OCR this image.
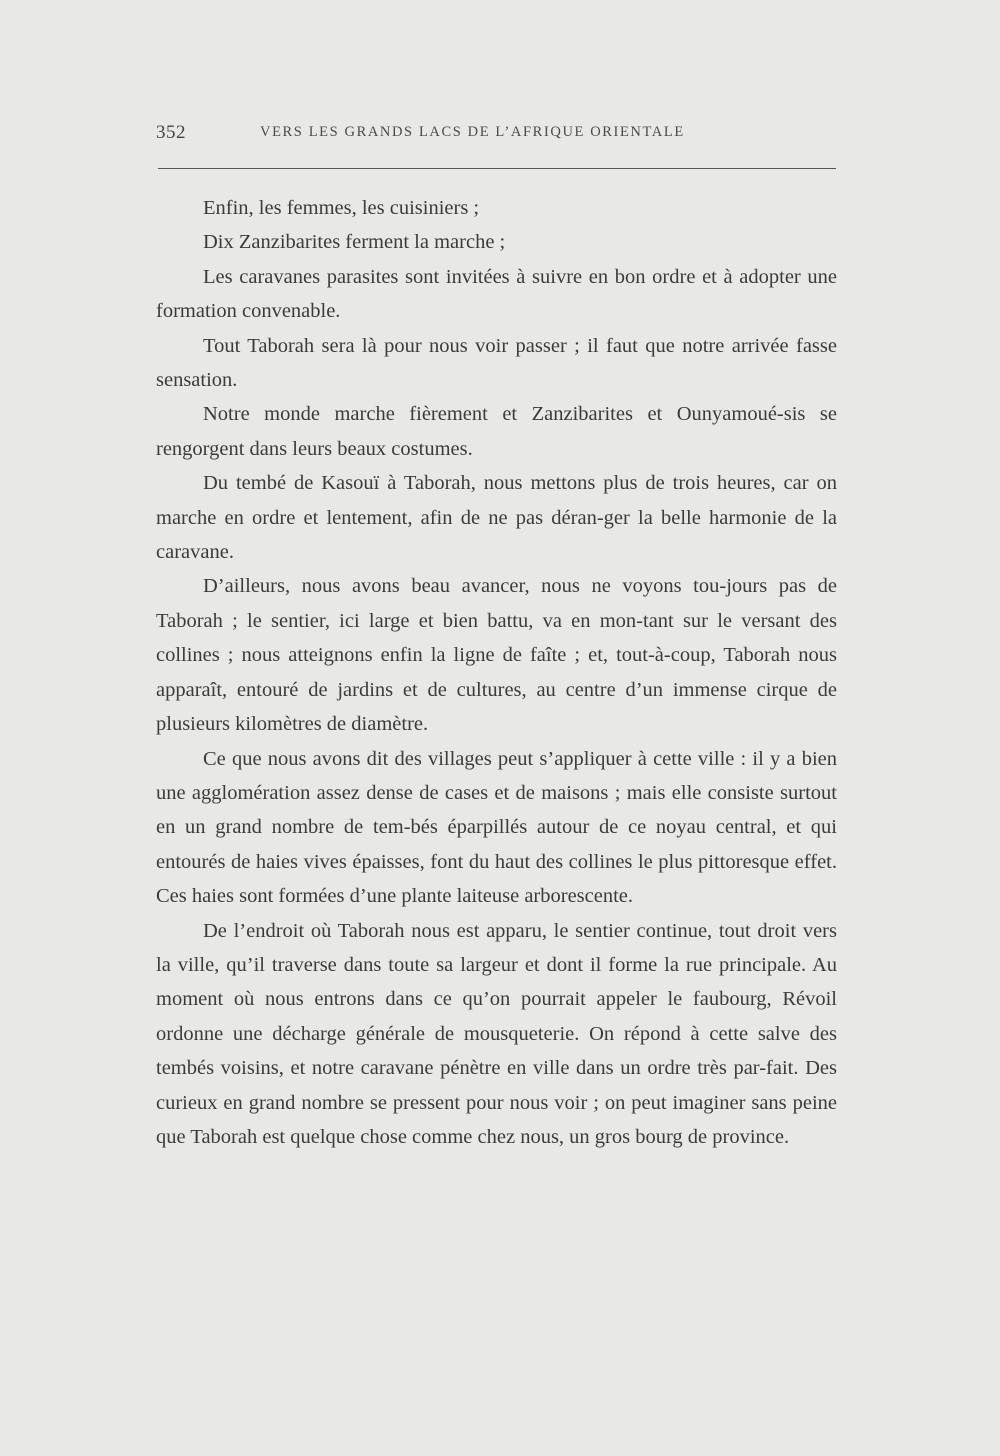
352	VERS LES GRANDS LACS DE L’AFRIQUE ORIENTALE

Enfin, les femmes, les cuisiniers ;

Dix Zanzibarites ferment la marche ;

Les caravanes parasites sont invitées à suivre en bon ordre et à adopter une formation convenable.

Tout Taborah sera là pour nous voir passer ; il faut que notre arrivée fasse sensation.

Notre monde marche fièrement et Zanzibarites et Ounyamoué-sis se rengorgent dans leurs beaux costumes.

Du tembé de Kasouï à Taborah, nous mettons plus de trois heures, car on marche en ordre et lentement, afin de ne pas déran-ger la belle harmonie de la caravane.

D’ailleurs, nous avons beau avancer, nous ne voyons tou-jours pas de Taborah ; le sentier, ici large et bien battu, va en mon-tant sur le versant des collines ; nous atteignons enfin la ligne de faîte ; et, tout-à-coup, Taborah nous apparaît, entouré de jardins et de cultures, au centre d’un immense cirque de plusieurs kilomètres de diamètre.

Ce que nous avons dit des villages peut s’appliquer à cette ville : il y a bien une agglomération assez dense de cases et de maisons ; mais elle consiste surtout en un grand nombre de tem-bés éparpillés autour de ce noyau central, et qui entourés de haies vives épaisses, font du haut des collines le plus pittoresque effet. Ces haies sont formées d’une plante laiteuse arborescente.

De l’endroit où Taborah nous est apparu, le sentier continue, tout droit vers la ville, qu’il traverse dans toute sa largeur et dont il forme la rue principale. Au moment où nous entrons dans ce qu’on pourrait appeler le faubourg, Révoil ordonne une décharge générale de mousqueterie. On répond à cette salve des tembés voisins, et notre caravane pénètre en ville dans un ordre très par-fait. Des curieux en grand nombre se pressent pour nous voir ; on peut imaginer sans peine que Taborah est quelque chose comme chez nous, un gros bourg de province.
